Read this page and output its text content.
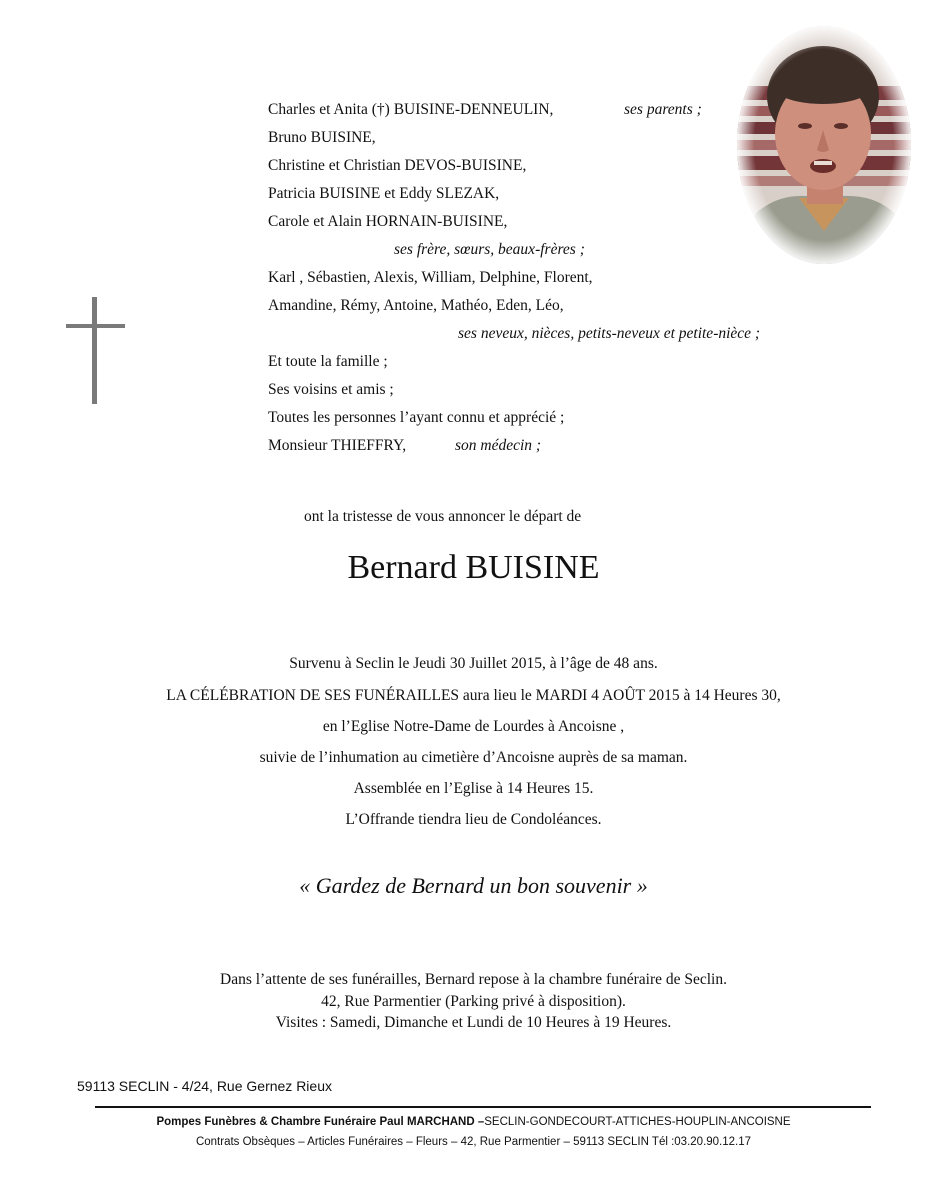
Charles et Anita (†) BUISINE-DENNEULIN,	ses parents ;
Bruno BUISINE,
Christine et Christian DEVOS-BUISINE,
Patricia BUISINE et Eddy SLEZAK,
Carole et Alain HORNAIN-BUISINE,
ses frère, sœurs, beaux-frères ;
Karl , Sébastien, Alexis, William, Delphine, Florent,
Amandine, Rémy, Antoine, Mathéo, Eden, Léo,
ses neveux, nièces, petits-neveux et petite-nièce ;
Et toute la famille ;
Ses voisins et amis ;
Toutes les personnes l’ayant connu et apprécié ;
Monsieur THIEFFRY,	son médecin ;
ont la tristesse de vous annoncer le départ de
Bernard BUISINE
Survenu à Seclin le Jeudi 30 Juillet 2015, à l’âge de 48 ans.
LA CÉLÉBRATION DE SES FUNÉRAILLES aura lieu le MARDI 4 AOÛT 2015 à 14 Heures 30,
en l’Eglise Notre-Dame de Lourdes à Ancoisne ,
suivie de l’inhumation au cimetière d’Ancoisne auprès de sa maman.
Assemblée en l’Eglise à 14 Heures 15.
L’Offrande tiendra lieu de Condoléances.
« Gardez de Bernard un bon souvenir »
Dans l’attente de ses funérailles, Bernard repose à la chambre funéraire de Seclin.
42, Rue Parmentier (Parking privé à disposition).
Visites : Samedi, Dimanche et Lundi de 10 Heures à 19 Heures.
59113 SECLIN - 4/24, Rue Gernez Rieux
Pompes Funèbres & Chambre Funéraire Paul MARCHAND –SECLIN-GONDECOURT-ATTICHES-HOUPLIN-ANCOISNE
Contrats Obsèques – Articles Funéraires – Fleurs – 42, Rue Parmentier – 59113 SECLIN Tél :03.20.90.12.17
